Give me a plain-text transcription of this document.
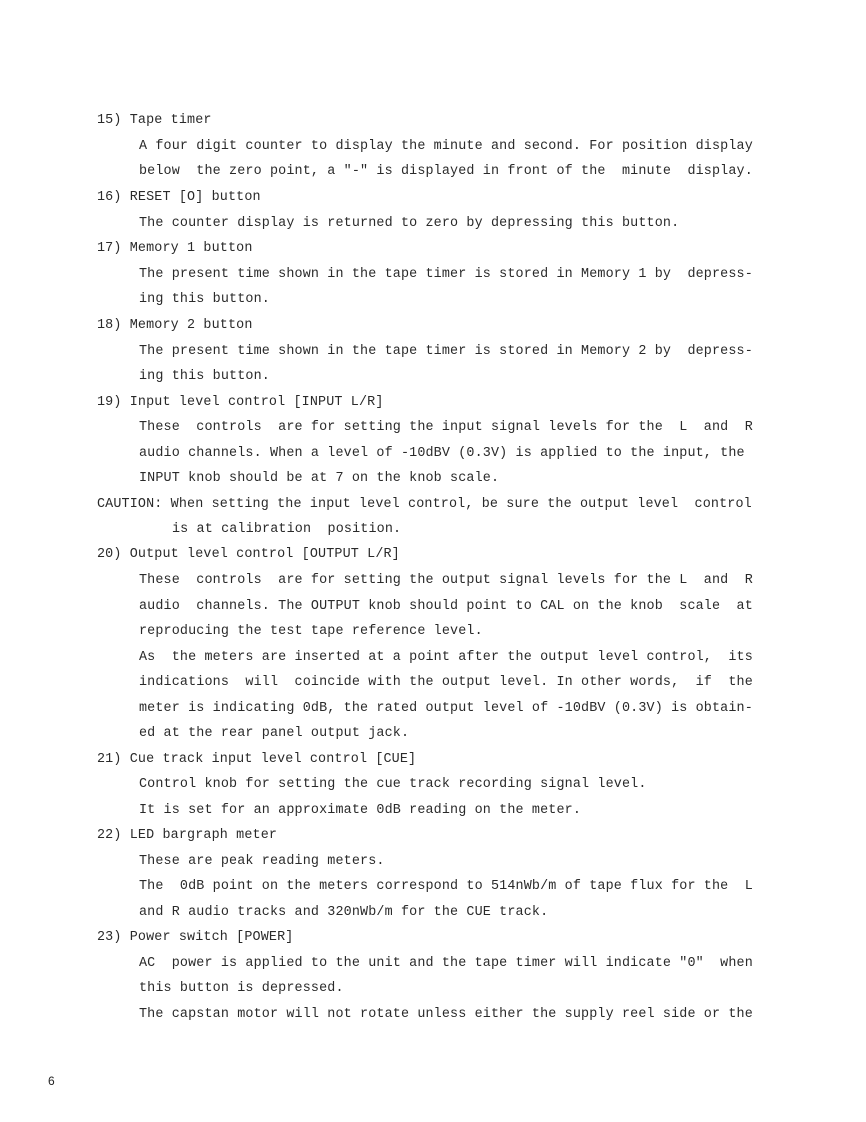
15) Tape timer
A four digit counter to display the minute and second. For position display
below  the zero point, a "-" is displayed in front of the  minute  display.
16) RESET [O] button
The counter display is returned to zero by depressing this button.
17) Memory 1 button
The present time shown in the tape timer is stored in Memory 1 by  depress-
ing this button.
18) Memory 2 button
The present time shown in the tape timer is stored in Memory 2 by  depress-
ing this button.
19) Input level control [INPUT L/R]
These  controls  are for setting the input signal levels for the  L  and  R
audio channels. When a level of -10dBV (0.3V) is applied to the input, the
INPUT knob should be at 7 on the knob scale.
CAUTION: When setting the input level control, be sure the output level  control
is at calibration  position.
20) Output level control [OUTPUT L/R]
These  controls  are for setting the output signal levels for the L  and  R
audio  channels. The OUTPUT knob should point to CAL on the knob  scale  at
reproducing the test tape reference level.
As  the meters are inserted at a point after the output level control,  its
indications  will  coincide with the output level. In other words,  if  the
meter is indicating 0dB, the rated output level of -10dBV (0.3V) is obtain-
ed at the rear panel output jack.
21) Cue track input level control [CUE]
Control knob for setting the cue track recording signal level.
It is set for an approximate 0dB reading on the meter.
22) LED bargraph meter
These are peak reading meters.
The  0dB point on the meters correspond to 514nWb/m of tape flux for the  L
and R audio tracks and 320nWb/m for the CUE track.
23) Power switch [POWER]
AC  power is applied to the unit and the tape timer will indicate "0"  when
this button is depressed.
The capstan motor will not rotate unless either the supply reel side or the
6
